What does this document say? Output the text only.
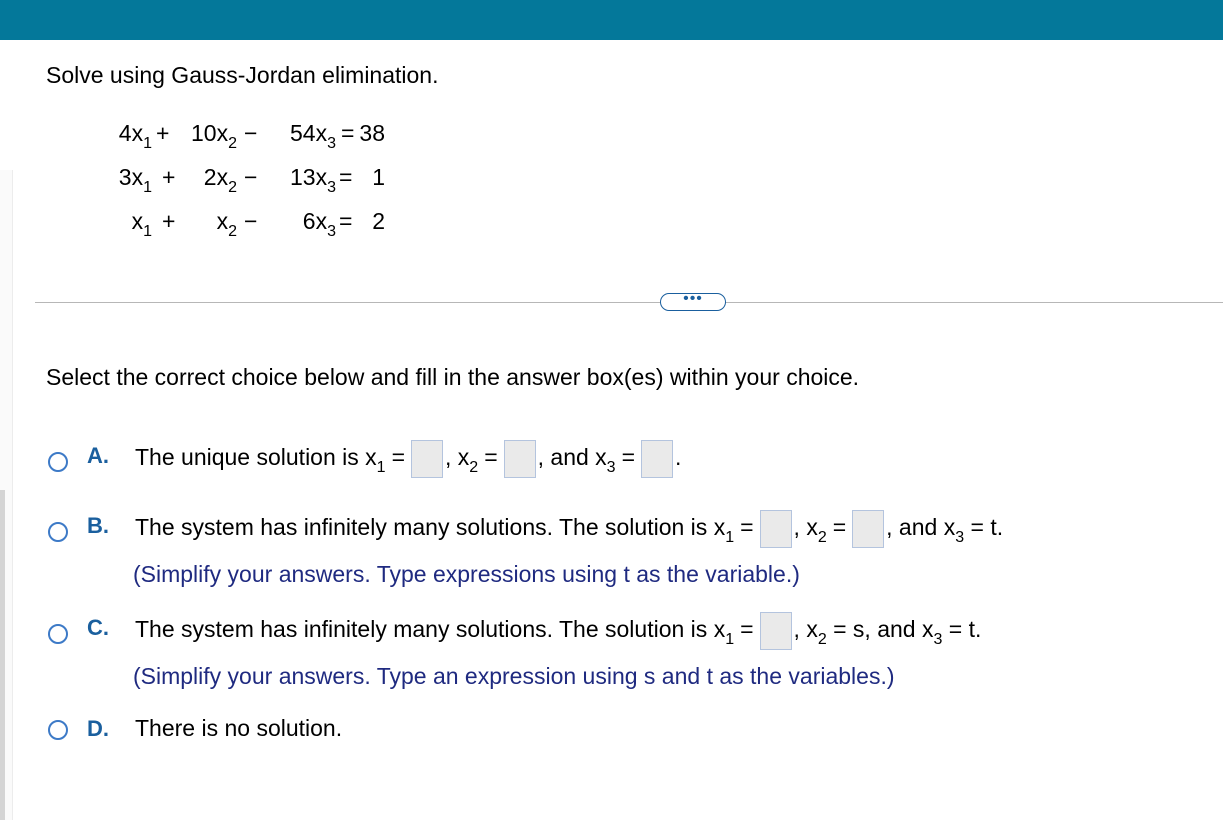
Solve using Gauss-Jordan elimination.
$4x_1 + 10x_2 - 54x_3 = 38$
$3x_1 + 2x_2 - 13x_3 = 1$
$x_1 + x_2 - 6x_3 = 2$
•••
Select the correct choice below and fill in the answer box(es) within your choice.
A. The unique solution is $x_1$ = , $x_2$ = , and $x_3$ = .
B. The system has infinitely many solutions. The solution is $x_1$ = , $x_2$ = , and $x_3 = t$.
(Simplify your answers. Type expressions using t as the variable.)
C. The system has infinitely many solutions. The solution is $x_1$ = , $x_2 = s$, and $x_3 = t$.
(Simplify your answers. Type an expression using s and t as the variables.)
D. There is no solution.
